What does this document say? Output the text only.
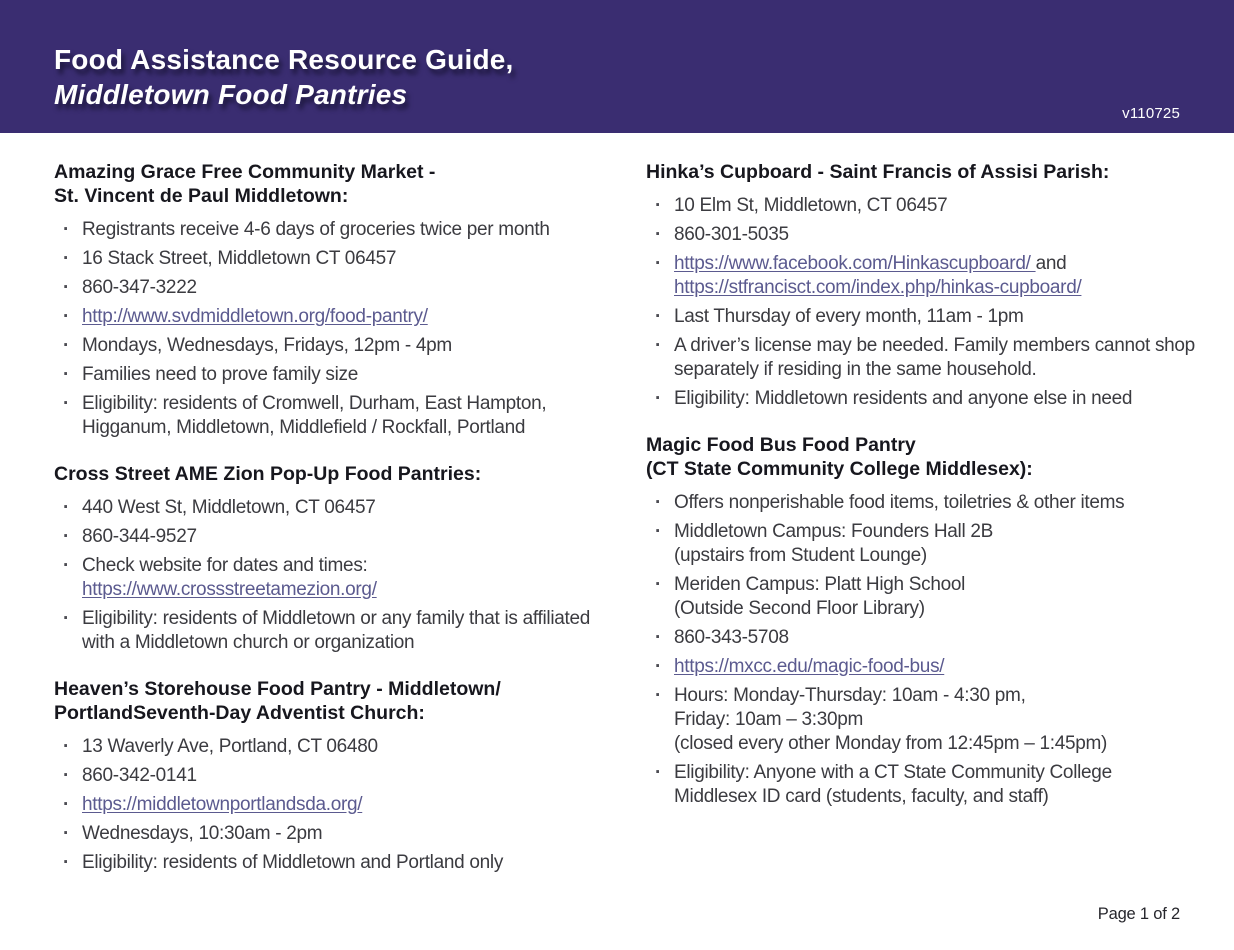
Food Assistance Resource Guide,
Middletown Food Pantries
v110725
Amazing Grace Free Community Market -
St. Vincent de Paul Middletown:
· Registrants receive 4-6 days of groceries twice per month
· 16 Stack Street, Middletown CT 06457
· 860-347-3222
· http://www.svdmiddletown.org/food-pantry/
· Mondays, Wednesdays, Fridays, 12pm - 4pm
· Families need to prove family size
· Eligibility: residents of Cromwell, Durham, East Hampton, Higganum, Middletown, Middlefield / Rockfall, Portland
Cross Street AME Zion Pop-Up Food Pantries:
· 440 West St, Middletown, CT 06457
· 860-344-9527
· Check website for dates and times:
https://www.crossstreetamezion.org/
· Eligibility: residents of Middletown or any family that is affiliated with a Middletown church or organization
Heaven’s Storehouse Food Pantry - Middletown/
PortlandSeventh-Day Adventist Church:
· 13 Waverly Ave, Portland, CT 06480
· 860-342-0141
· https://middletownportlandsda.org/
· Wednesdays, 10:30am - 2pm
· Eligibility: residents of Middletown and Portland only
Hinka’s Cupboard - Saint Francis of Assisi Parish:
· 10 Elm St, Middletown, CT 06457
· 860-301-5035
· https://www.facebook.com/Hinkascupboard/ and
https://stfrancisct.com/index.php/hinkas-cupboard/
· Last Thursday of every month, 11am - 1pm
· A driver’s license may be needed. Family members cannot shop separately if residing in the same household.
· Eligibility: Middletown residents and anyone else in need
Magic Food Bus Food Pantry
(CT State Community College Middlesex):
· Offers nonperishable food items, toiletries & other items
· Middletown Campus: Founders Hall 2B
(upstairs from Student Lounge)
· Meriden Campus: Platt High School
(Outside Second Floor Library)
· 860-343-5708
· https://mxcc.edu/magic-food-bus/
· Hours: Monday-Thursday: 10am - 4:30 pm,
Friday: 10am – 3:30pm
(closed every other Monday from 12:45pm – 1:45pm)
· Eligibility: Anyone with a CT State Community College Middlesex ID card (students, faculty, and staff)
Page 1 of 2
